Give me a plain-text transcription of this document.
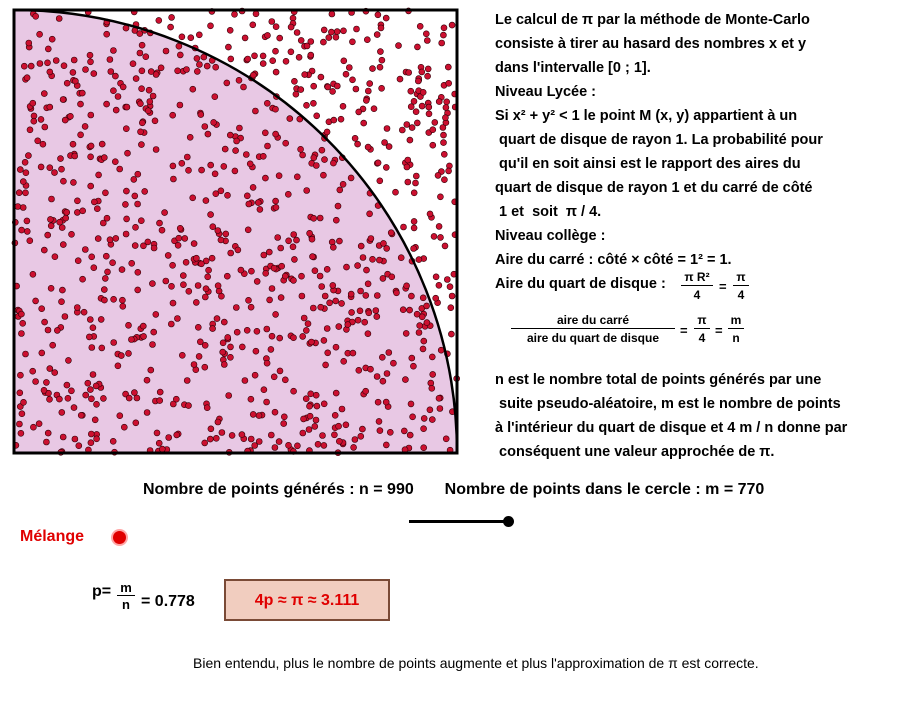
Le calcul de π par la méthode de Monte-Carlo
consiste à tirer au hasard des nombres x et y
dans l'intervalle [0 ; 1].
Niveau Lycée :
Si x² + y² < 1 le point M (x, y) appartient à un
quart de disque de rayon 1. La probabilité pour
qu'il en soit ainsi est le rapport des aires du
quart de disque de rayon 1 et du carré de côté
1 et  soit  π / 4.
Niveau collège :
Aire du carré : côté × côté = 1² = 1.
Aire du quart de disque : $\frac{\text{π R²}}{4} = \frac{\pi}{4}$
aire du carré
aire du quart de disque	= $\frac{\pi}{4} = \frac{m}{n}$
n est le nombre total de points générés par une
suite pseudo-aléatoire, m est le nombre de points
à l'intérieur du quart de disque et 4 m / n donne par
conséquent une valeur approchée de π.
Nombre de points générés : n = 990 Nombre de points dans le cercle : m = 770
Mélange
$p= \frac{m}{n} = 0.778$	4p ≈ π ≈ 3.111
Bien entendu, plus le nombre de points augmente et plus l'approximation de π est correcte.
